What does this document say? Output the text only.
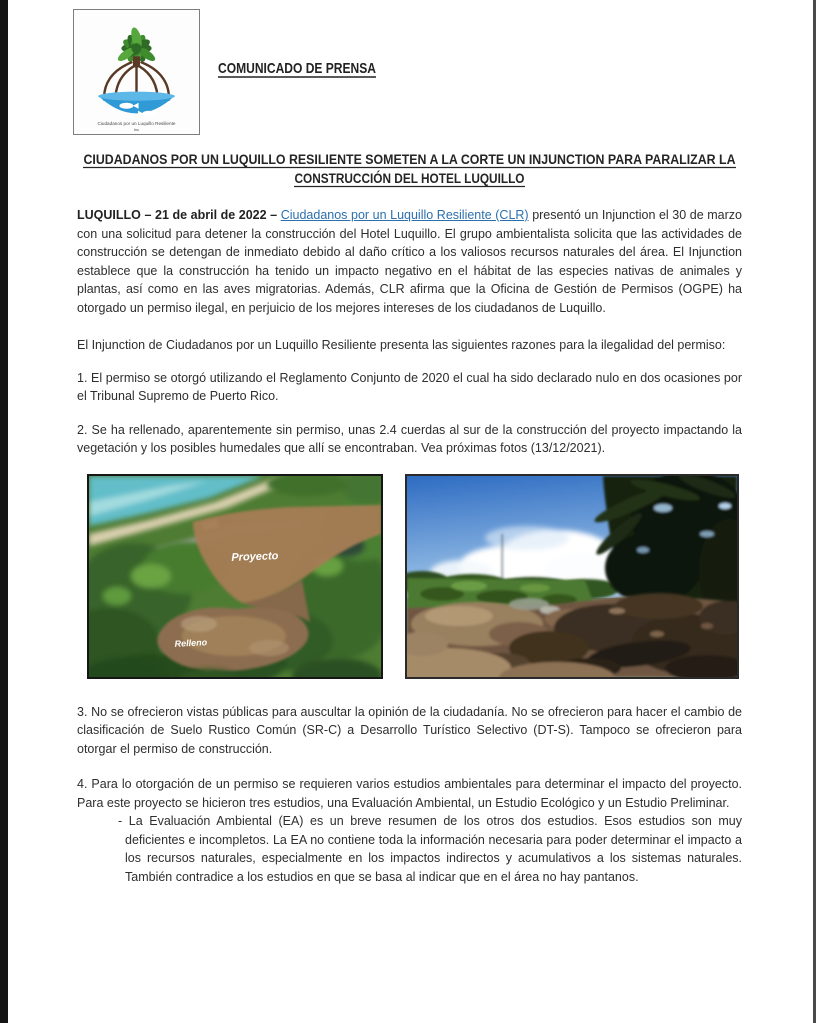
Ciudadanos por un Luquillo Resiliente
Inc
COMUNICADO DE PRENSA
CIUDADANOS POR UN LUQUILLO RESILIENTE SOMETEN A LA CORTE UN INJUNCTION PARA PARALIZAR LA
CONSTRUCCIÓN DEL HOTEL LUQUILLO

LUQUILLO – 21 de abril de 2022 – Ciudadanos por un Luquillo Resiliente (CLR) presentó un Injunction el 30 de marzo con una solicitud para detener la construcción del Hotel Luquillo. El grupo ambientalista solicita que las actividades de construcción se detengan de inmediato debido al daño crítico a los valiosos recursos naturales del área. El Injunction establece que la construcción ha tenido un impacto negativo en el hábitat de las especies nativas de animales y plantas, así como en las aves migratorias. Además, CLR afirma que la Oficina de Gestión de Permisos (OGPE) ha otorgado un permiso ilegal, en perjuicio de los mejores intereses de los ciudadanos de Luquillo.

El Injunction de Ciudadanos por un Luquillo Resiliente presenta las siguientes razones para la ilegalidad del permiso:

1. El permiso se otorgó utilizando el Reglamento Conjunto de 2020 el cual ha sido declarado nulo en dos ocasiones por el Tribunal Supremo de Puerto Rico.

2. Se ha rellenado, aparentemente sin permiso, unas 2.4 cuerdas al sur de la construcción del proyecto impactando la vegetación y los posibles humedales que allí se encontraban. Vea próximas fotos (13/12/2021).

Proyecto
Relleno

3. No se ofrecieron vistas públicas para auscultar la opinión de la ciudadanía. No se ofrecieron para hacer el cambio de clasificación de Suelo Rustico Común (SR-C) a Desarrollo Turístico Selectivo (DT-S). Tampoco se ofrecieron para otorgar el permiso de construcción.

4. Para lo otorgación de un permiso se requieren varios estudios ambientales para determinar el impacto del proyecto. Para este proyecto se hicieron tres estudios, una Evaluación Ambiental, un Estudio Ecológico y un Estudio Preliminar.

- La Evaluación Ambiental (EA) es un breve resumen de los otros dos estudios. Esos estudios son muy deficientes e incompletos. La EA no contiene toda la información necesaria para poder determinar el impacto a los recursos naturales, especialmente en los impactos indirectos y acumulativos a los sistemas naturales. También contradice a los estudios en que se basa al indicar que en el área no hay pantanos.
